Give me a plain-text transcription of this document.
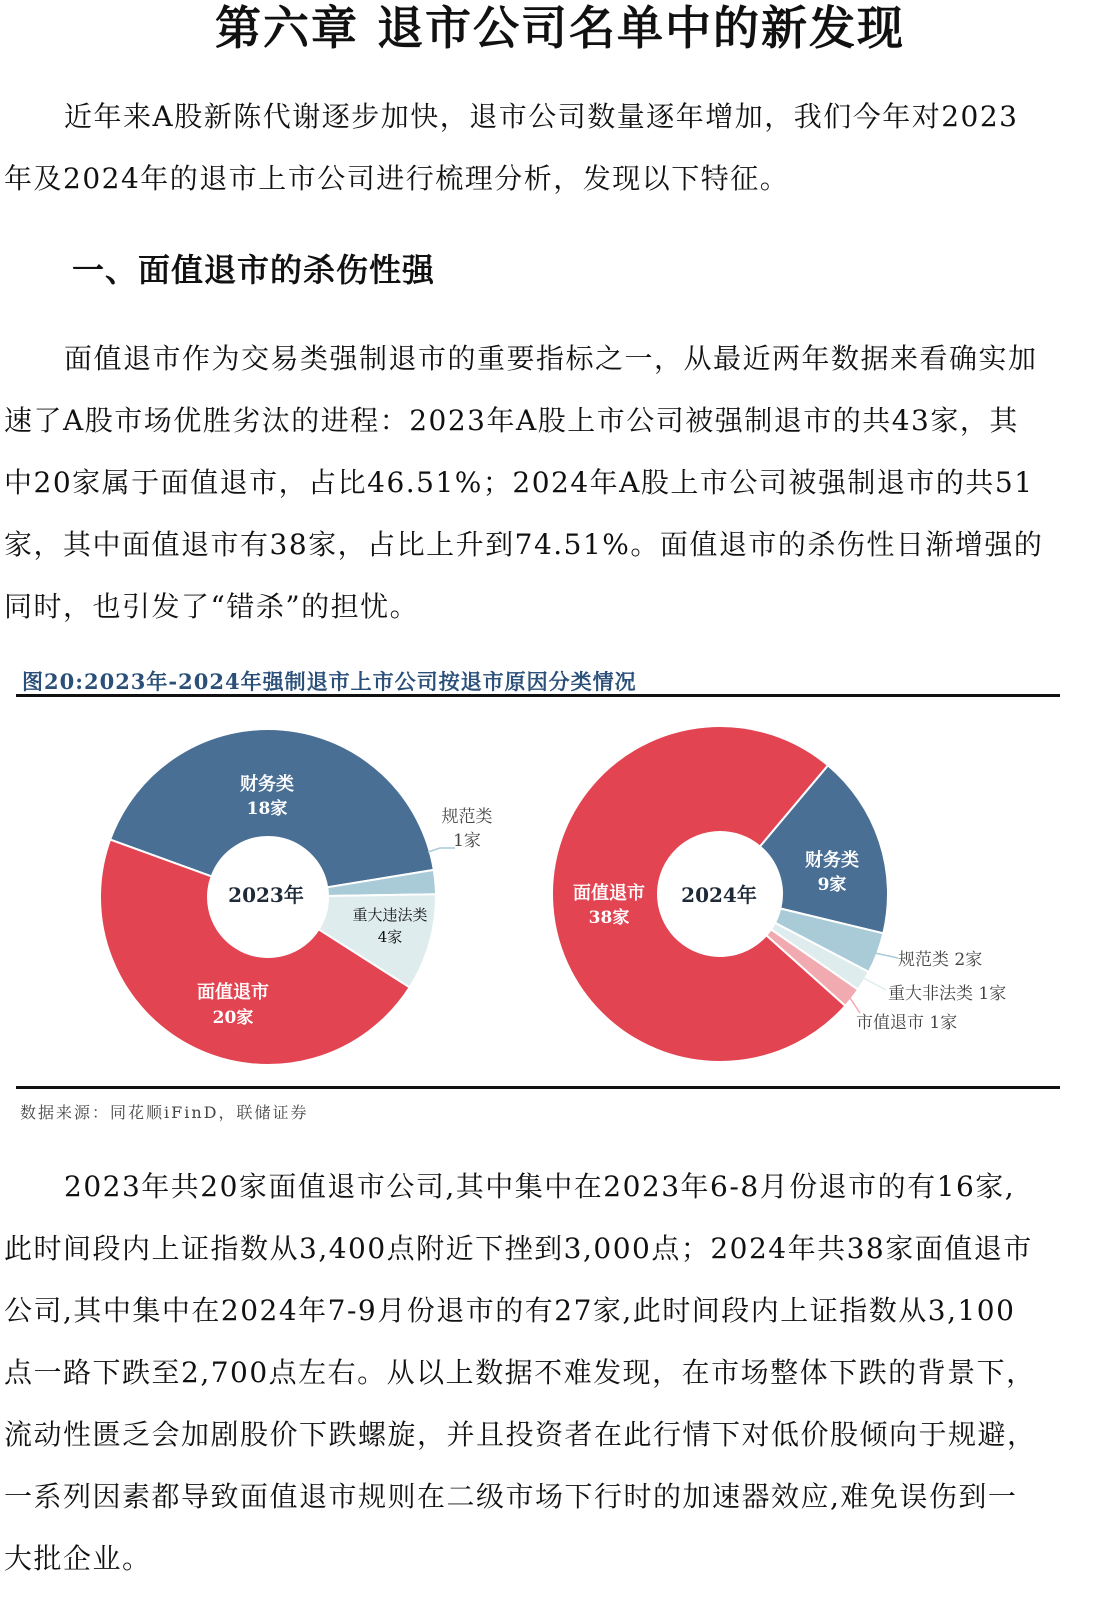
第六章 退市公司名单中的新发现
近年来A股新陈代谢逐步加快，退市公司数量逐年增加，我们今年对2023
年及2024年的退市上市公司进行梳理分析，发现以下特征。
一、面值退市的杀伤性强
面值退市作为交易类强制退市的重要指标之一，从最近两年数据来看确实加
速了A股市场优胜劣汰的进程：2023年A股上市公司被强制退市的共43家，其
中20家属于面值退市，占比46.51%；2024年A股上市公司被强制退市的共51
家，其中面值退市有38家，占比上升到74.51%。面值退市的杀伤性日渐增强的
同时，也引发了“错杀”的担忧。
图20:2023年-2024年强制退市上市公司按退市原因分类情况
财务类
18家	规范类
1家
重大违法类
4家
面值退市
20家
2023年
财务类
9家
规范类 2家
重大非法类 1家
市值退市 1家
面值退市
38家
2024年
数据来源：同花顺iFinD，联储证券
2023年共20家面值退市公司,其中集中在2023年6-8月份退市的有16家,
此时间段内上证指数从3,400点附近下挫到3,000点；2024年共38家面值退市
公司,其中集中在2024年7-9月份退市的有27家,此时间段内上证指数从3,100
点一路下跌至2,700点左右。从以上数据不难发现，在市场整体下跌的背景下，
流动性匮乏会加剧股价下跌螺旋，并且投资者在此行情下对低价股倾向于规避，
一系列因素都导致面值退市规则在二级市场下行时的加速器效应,难免误伤到一
大批企业。
